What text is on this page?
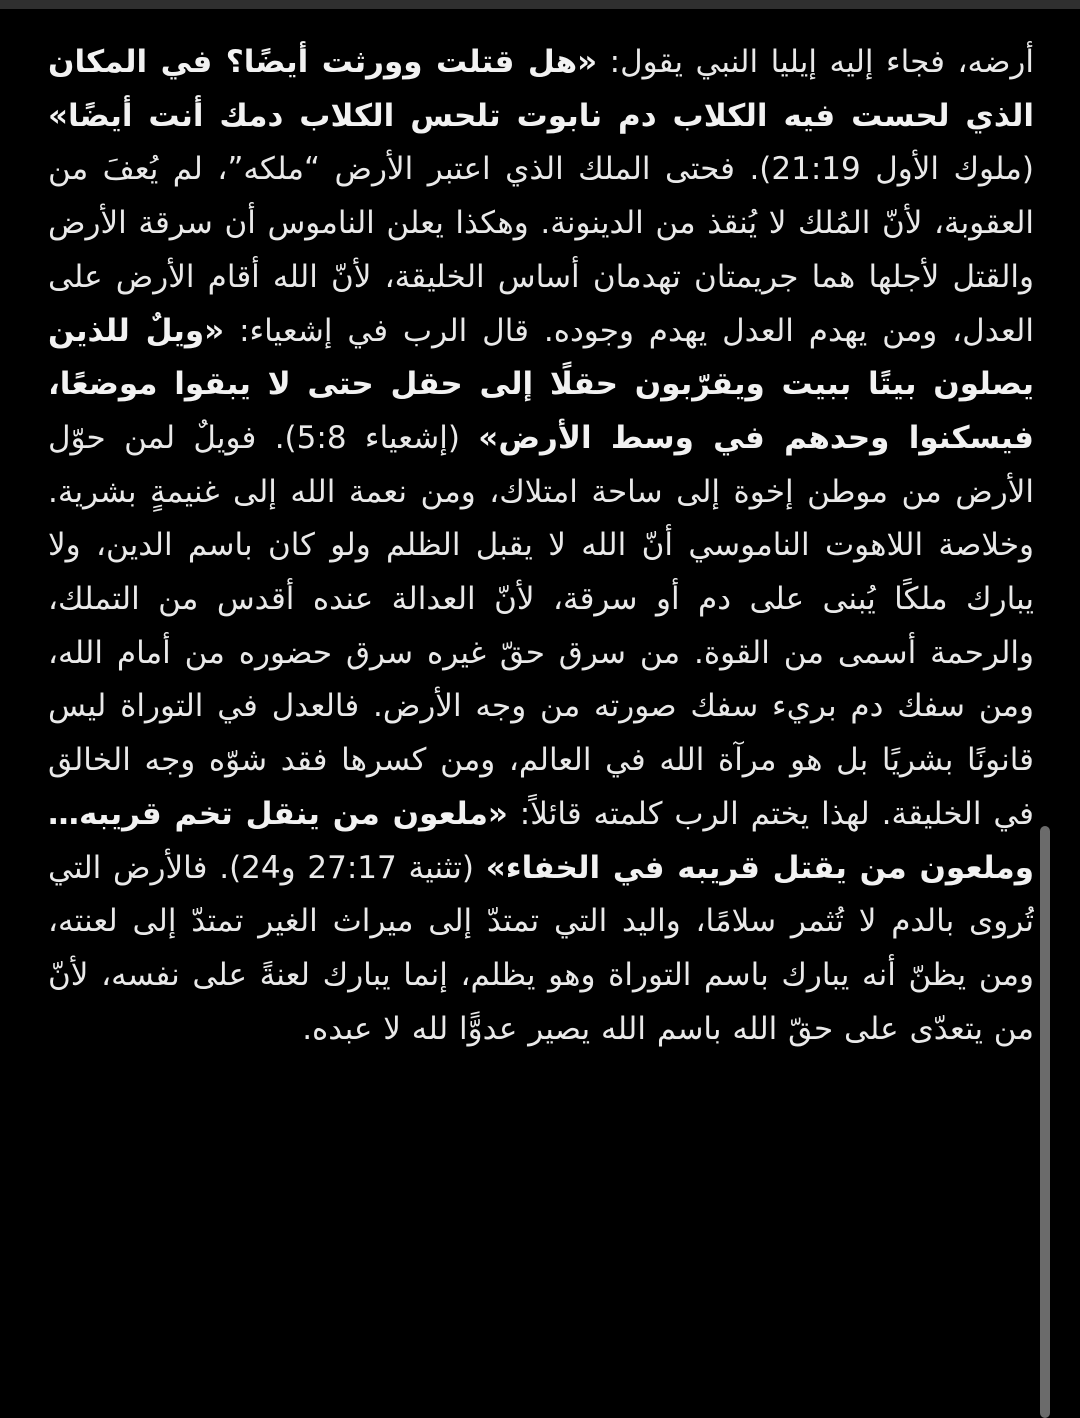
أرضه، فجاء إليه إيليا النبي يقول: «هل قتلت وورثت أيضًا؟ في المكان الذي لحست فيه الكلاب دم نابوت تلحس الكلاب دمك أنت أيضًا» (ملوك الأول 21:19). فحتى الملك الذي اعتبر الأرض “ملكه”، لم يُعفَ من العقوبة، لأنّ المُلك لا يُنقذ من الدينونة. وهكذا يعلن الناموس أن سرقة الأرض والقتل لأجلها هما جريمتان تهدمان أساس الخليقة، لأنّ الله أقام الأرض على العدل، ومن يهدم العدل يهدم وجوده. قال الرب في إشعياء: «ويلٌ للذين يصلون بيتًا ببيت ويقرّبون حقلًا إلى حقل حتى لا يبقوا موضعًا، فيسكنوا وحدهم في وسط الأرض» (إشعياء 5:8). فويلٌ لمن حوّل الأرض من موطن إخوة إلى ساحة امتلاك، ومن نعمة الله إلى غنيمةٍ بشرية. وخلاصة اللاهوت الناموسي أنّ الله لا يقبل الظلم ولو كان باسم الدين، ولا يبارك ملكًا يُبنى على دم أو سرقة، لأنّ العدالة عنده أقدس من التملك، والرحمة أسمى من القوة. من سرق حقّ غيره سرق حضوره من أمام الله، ومن سفك دم بريء سفك صورته من وجه الأرض. فالعدل في التوراة ليس قانونًا بشريًا بل هو مرآة الله في العالم، ومن كسرها فقد شوّه وجه الخالق في الخليقة. لهذا يختم الرب كلمته قائلاً: «ملعون من ينقل تخم قريبه… وملعون من يقتل قريبه في الخفاء» (تثنية 27:17 و24). فالأرض التي تُروى بالدم لا تُثمر سلامًا، واليد التي تمتدّ إلى ميراث الغير تمتدّ إلى لعنته، ومن يظنّ أنه يبارك باسم التوراة وهو يظلم، إنما يبارك لعنةً على نفسه، لأنّ من يتعدّى على حقّ الله باسم الله يصير عدوًّا لله لا عبده.
